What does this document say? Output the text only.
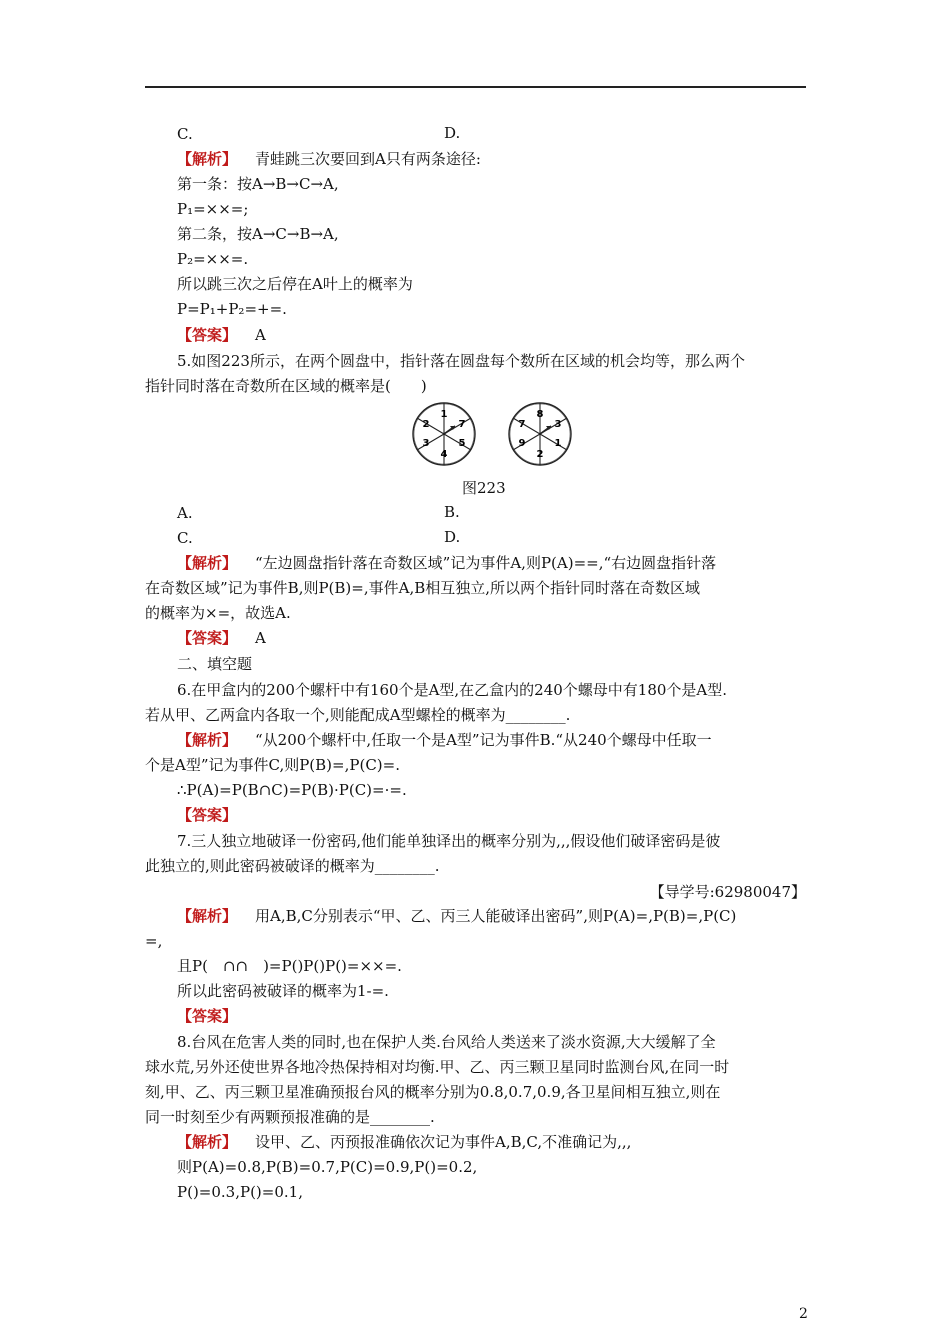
C.	D.
【解析】 青蛙跳三次要回到A只有两条途径:
第一条：按A→B→C→A,
P₁=××=;
第二条，按A→C→B→A,
P₂=××=.
所以跳三次之后停在A叶上的概率为
P=P₁+P₂=+=.
【答案】 A
5.如图223所示，在两个圆盘中，指针落在圆盘每个数所在区域的机会均等，那么两个
指针同时落在奇数所在区域的概率是(　　)
1
7
5
4
3
2
8
3
1
2
9
7
图223
A.	B.
C.	D.
【解析】 “左边圆盘指针落在奇数区域”记为事件A,则P(A)==,“右边圆盘指针落
在奇数区域”记为事件B,则P(B)=,事件A,B相互独立,所以两个指针同时落在奇数区域
的概率为×=，故选A.
【答案】 A
二、填空题
6.在甲盒内的200个螺杆中有160个是A型,在乙盒内的240个螺母中有180个是A型.
若从甲、乙两盒内各取一个,则能配成A型螺栓的概率为________.
【解析】 “从200个螺杆中,任取一个是A型”记为事件B.“从240个螺母中任取一
个是A型”记为事件C,则P(B)=,P(C)=.
∴P(A)=P(B∩C)=P(B)·P(C)=·=.
【答案】
7.三人独立地破译一份密码,他们能单独译出的概率分别为,,,假设他们破译密码是彼
此独立的,则此密码被破译的概率为________.
【导学号:62980047】
【解析】 用A,B,C分别表示“甲、乙、丙三人能破译出密码”,则P(A)=,P(B)=,P(C)
=,
且P(　∩∩　)=P()P()P()=××=.
所以此密码被破译的概率为1-=.
【答案】
8.台风在危害人类的同时,也在保护人类.台风给人类送来了淡水资源,大大缓解了全
球水荒,另外还使世界各地冷热保持相对均衡.甲、乙、丙三颗卫星同时监测台风,在同一时
刻,甲、乙、丙三颗卫星准确预报台风的概率分别为0.8,0.7,0.9,各卫星间相互独立,则在
同一时刻至少有两颗预报准确的是________.
【解析】 设甲、乙、丙预报准确依次记为事件A,B,C,不准确记为,,,
则P(A)=0.8,P(B)=0.7,P(C)=0.9,P()=0.2,
P()=0.3,P()=0.1,
2
